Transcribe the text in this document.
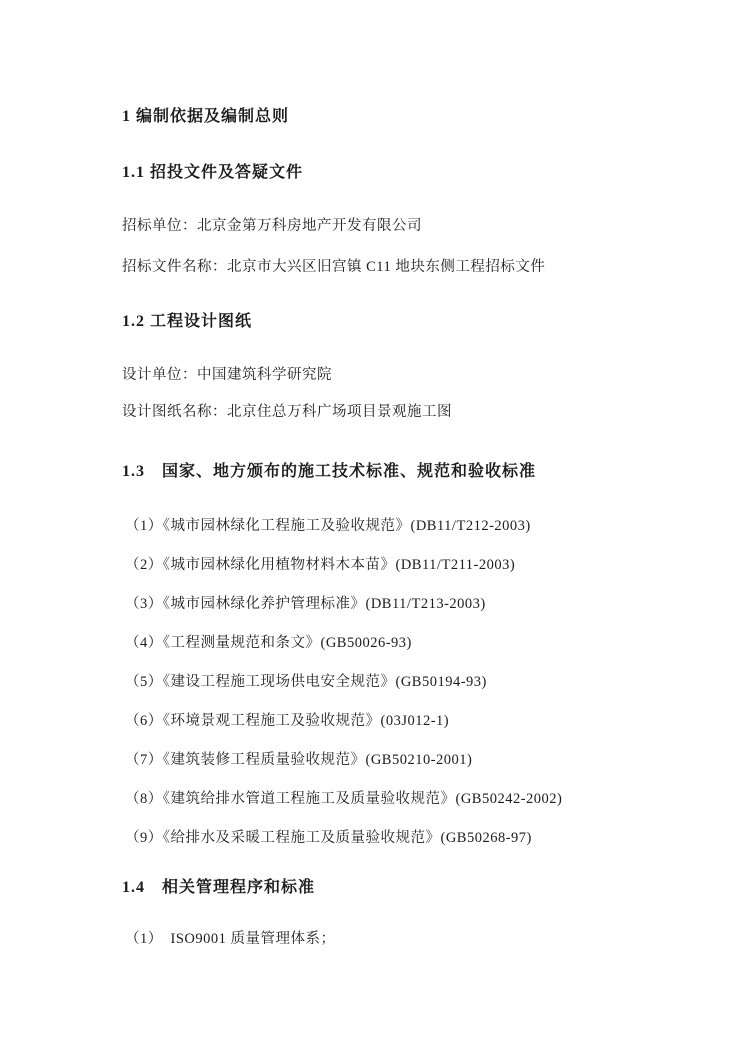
1 编制依据及编制总则
1.1 招投文件及答疑文件

招标单位：北京金第万科房地产开发有限公司

招标文件名称：北京市大兴区旧宫镇 C11 地块东侧工程招标文件

1.2 工程设计图纸

设计单位：中国建筑科学研究院

设计图纸名称：北京住总万科广场项目景观施工图

1.3　国家、地方颁布的施工技术标准、规范和验收标准

（1）《城市园林绿化工程施工及验收规范》(DB11/T212-2003)

（2）《城市园林绿化用植物材料木本苗》(DB11/T211-2003)

（3）《城市园林绿化养护管理标准》(DB11/T213-2003)

（4）《工程测量规范和条文》(GB50026-93)

（5）《建设工程施工现场供电安全规范》(GB50194-93)

（6）《环境景观工程施工及验收规范》(03J012-1)

（7）《建筑装修工程质量验收规范》(GB50210-2001)

（8）《建筑给排水管道工程施工及质量验收规范》(GB50242-2002)

（9）《给排水及采暖工程施工及质量验收规范》(GB50268-97)

1.4　相关管理程序和标准

（1）　ISO9001 质量管理体系；
